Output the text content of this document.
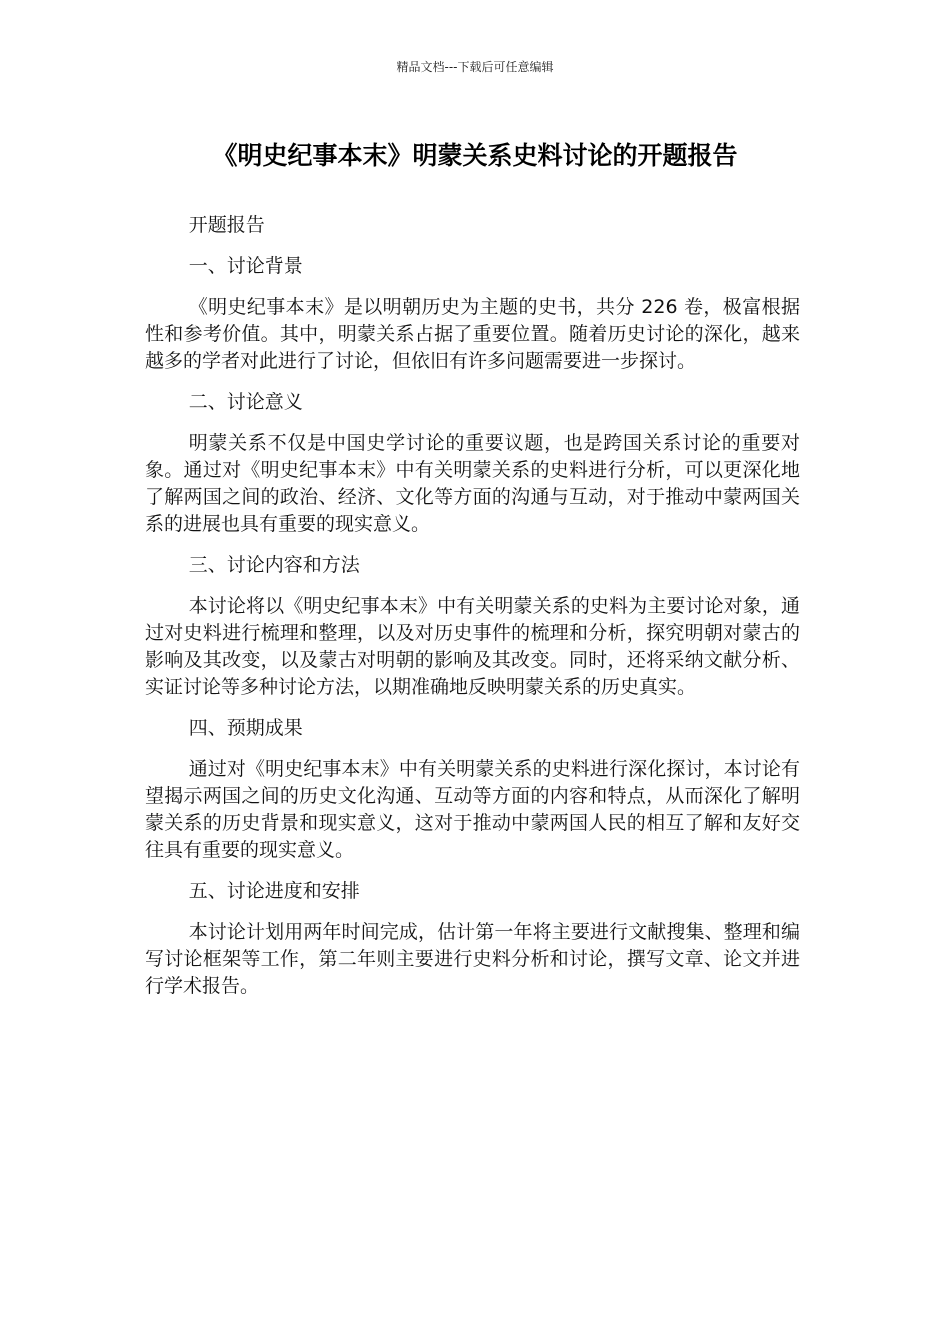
精品文档---下载后可任意编辑
《明史纪事本末》明蒙关系史料讨论的开题报告

开题报告

一、讨论背景

《明史纪事本末》是以明朝历史为主题的史书，共分 226 卷，极富根据性和参考价值。其中，明蒙关系占据了重要位置。随着历史讨论的深化，越来越多的学者对此进行了讨论，但依旧有许多问题需要进一步探讨。

二、讨论意义

明蒙关系不仅是中国史学讨论的重要议题，也是跨国关系讨论的重要对象。通过对《明史纪事本末》中有关明蒙关系的史料进行分析，可以更深化地了解两国之间的政治、经济、文化等方面的沟通与互动，对于推动中蒙两国关系的进展也具有重要的现实意义。

三、讨论内容和方法

本讨论将以《明史纪事本末》中有关明蒙关系的史料为主要讨论对象，通过对史料进行梳理和整理，以及对历史事件的梳理和分析，探究明朝对蒙古的影响及其改变，以及蒙古对明朝的影响及其改变。同时，还将采纳文献分析、实证讨论等多种讨论方法，以期准确地反映明蒙关系的历史真实。

四、预期成果

通过对《明史纪事本末》中有关明蒙关系的史料进行深化探讨，本讨论有望揭示两国之间的历史文化沟通、互动等方面的内容和特点，从而深化了解明蒙关系的历史背景和现实意义，这对于推动中蒙两国人民的相互了解和友好交往具有重要的现实意义。

五、讨论进度和安排

本讨论计划用两年时间完成，估计第一年将主要进行文献搜集、整理和编写讨论框架等工作，第二年则主要进行史料分析和讨论，撰写文章、论文并进行学术报告。
